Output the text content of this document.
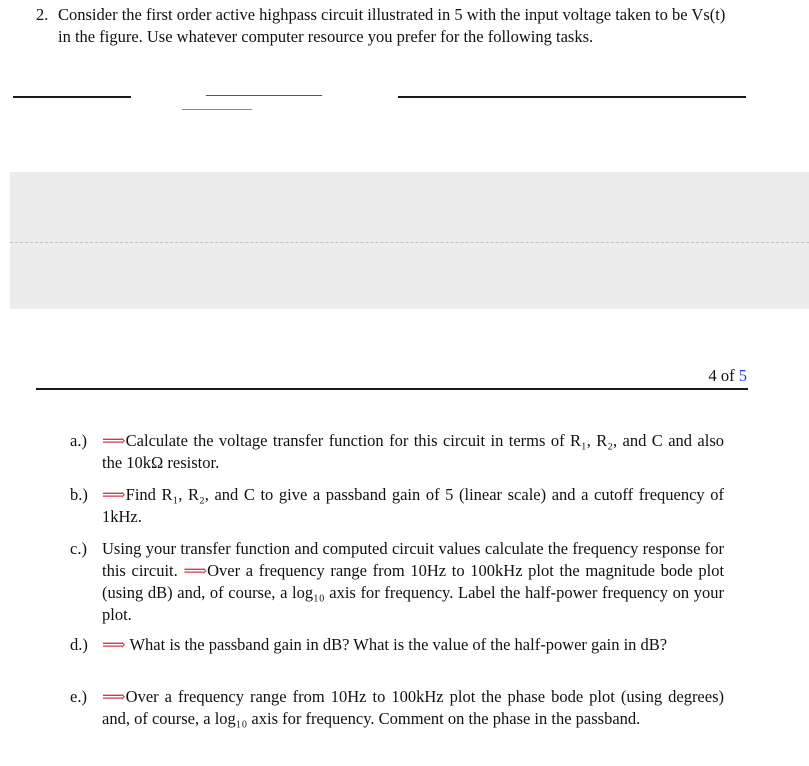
2. Consider the first order active highpass circuit illustrated in 5 with the input voltage taken to be Vs(t) in the figure. Use whatever computer resource you prefer for the following tasks.
4 of 5
a.) ⟹Calculate the voltage transfer function for this circuit in terms of R₁, R₂, and C and also the 10kΩ resistor.
b.) ⟹Find R₁, R₂, and C to give a passband gain of 5 (linear scale) and a cutoff frequency of 1kHz.
c.) Using your transfer function and computed circuit values calculate the frequency response for this circuit. ⟹Over a frequency range from 10Hz to 100kHz plot the magnitude bode plot (using dB) and, of course, a log₁₀ axis for frequency. Label the half-power frequency on your plot.
d.) ⟹ What is the passband gain in dB? What is the value of the half-power gain in dB?
e.) ⟹Over a frequency range from 10Hz to 100kHz plot the phase bode plot (using degrees) and, of course, a log₁₀ axis for frequency. Comment on the phase in the passband.
